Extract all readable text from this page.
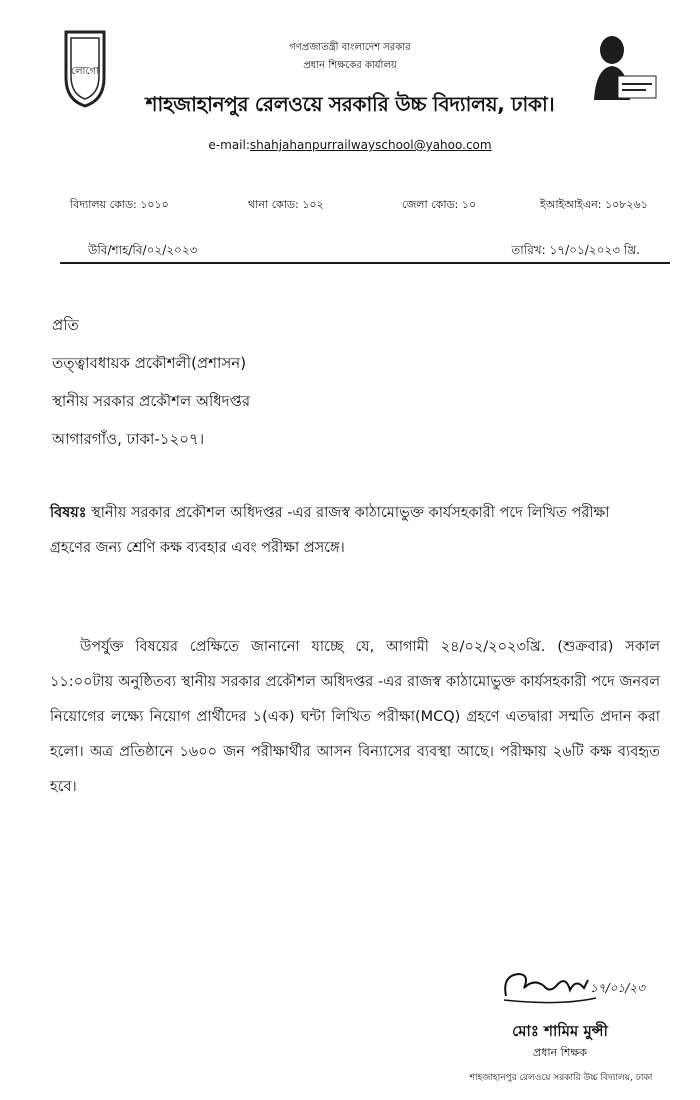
লোগো
গণপ্রজাতন্ত্রী বাংলাদেশ সরকার
প্রধান শিক্ষকের কার্যালয়
শাহজাহানপুর রেলওয়ে সরকারি উচ্চ বিদ্যালয়, ঢাকা।
e-mail:shahjahanpurrailwayschool@yahoo.com
বিদ্যালয় কোড: ১০১০	থানা কোড: ১০২	জেলা কোড: ১০	ইআইআইএন: ১০৮২৬১
উবি/শাহ/বি/০২/২০২৩	তারিখ: ১৭/০১/২০২৩ খ্রি.
প্রতি
তত্ত্বাবধায়ক প্রকৌশলী(প্রশাসন)
স্থানীয় সরকার প্রকৌশল অধিদপ্তর
আগারগাঁও, ঢাকা-১২০৭।
বিষয়ঃ স্থানীয় সরকার প্রকৌশল অধিদপ্তর -এর রাজস্ব কাঠামোভুক্ত কার্যসহকারী পদে লিখিত পরীক্ষা গ্রহণের জন্য শ্রেণি কক্ষ ব্যবহার এবং পরীক্ষা প্রসঙ্গে।
উপর্যুক্ত বিষয়ের প্রেক্ষিতে জানানো যাচ্ছে যে, আগামী ২৪/০২/২০২৩খ্রি. (শুক্রবার) সকাল ১১:০০টায় অনুষ্ঠিতব্য স্থানীয় সরকার প্রকৌশল অধিদপ্তর -এর রাজস্ব কাঠামোভুক্ত কার্যসহকারী পদে জনবল নিয়োগের লক্ষ্যে নিয়োগ প্রার্থীদের ১(এক) ঘন্টা লিখিত পরীক্ষা(MCQ) গ্রহণে এতদ্বারা সম্মতি প্রদান করা হলো। অত্র প্রতিষ্ঠানে ১৬০০ জন পরীক্ষার্থীর আসন বিন্যাসের ব্যবস্থা আছে। পরীক্ষায় ২৬টি কক্ষ ব্যবহৃত হবে।
১৭/০১/২৩
মোঃ শামিম মুন্সী
প্রধান শিক্ষক
শাহজাহানপুর রেলওয়ে সরকারি উচ্চ বিদ্যালয়, ঢাকা
